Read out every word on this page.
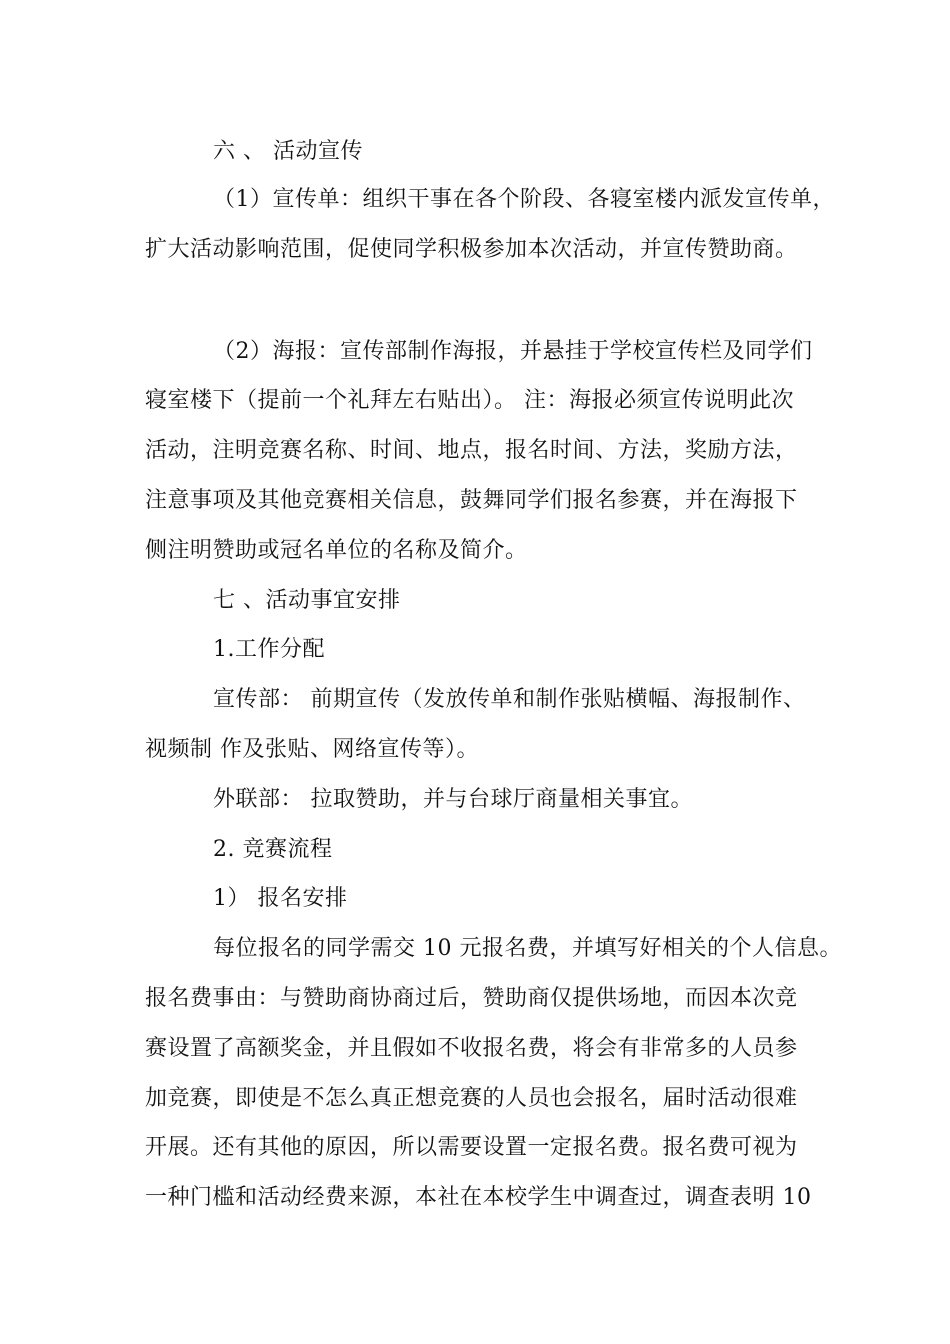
六 、 活动宣传
（1）宣传单：组织干事在各个阶段、各寝室楼内派发宣传单，
扩大活动影响范围，促使同学积极参加本次活动，并宣传赞助商。
（2）海报：宣传部制作海报，并悬挂于学校宣传栏及同学们
寝室楼下（提前一个礼拜左右贴出）。 注：海报必须宣传说明此次
活动，注明竞赛名称、时间、地点，报名时间、方法，奖励方法，
注意事项及其他竞赛相关信息，鼓舞同学们报名参赛，并在海报下
侧注明赞助或冠名单位的名称及简介。
七 、活动事宜安排
1.工作分配
宣传部： 前期宣传（发放传单和制作张贴横幅、海报制作、
视频制 作及张贴、网络宣传等）。
外联部： 拉取赞助，并与台球厅商量相关事宜。
2. 竞赛流程
1） 报名安排
每位报名的同学需交 10 元报名费，并填写好相关的个人信息。
报名费事由：与赞助商协商过后，赞助商仅提供场地，而因本次竞
赛设置了高额奖金，并且假如不收报名费，将会有非常多的人员参
加竞赛，即使是不怎么真正想竞赛的人员也会报名，届时活动很难
开展。还有其他的原因，所以需要设置一定报名费。报名费可视为
一种门槛和活动经费来源，本社在本校学生中调查过，调查表明 10
